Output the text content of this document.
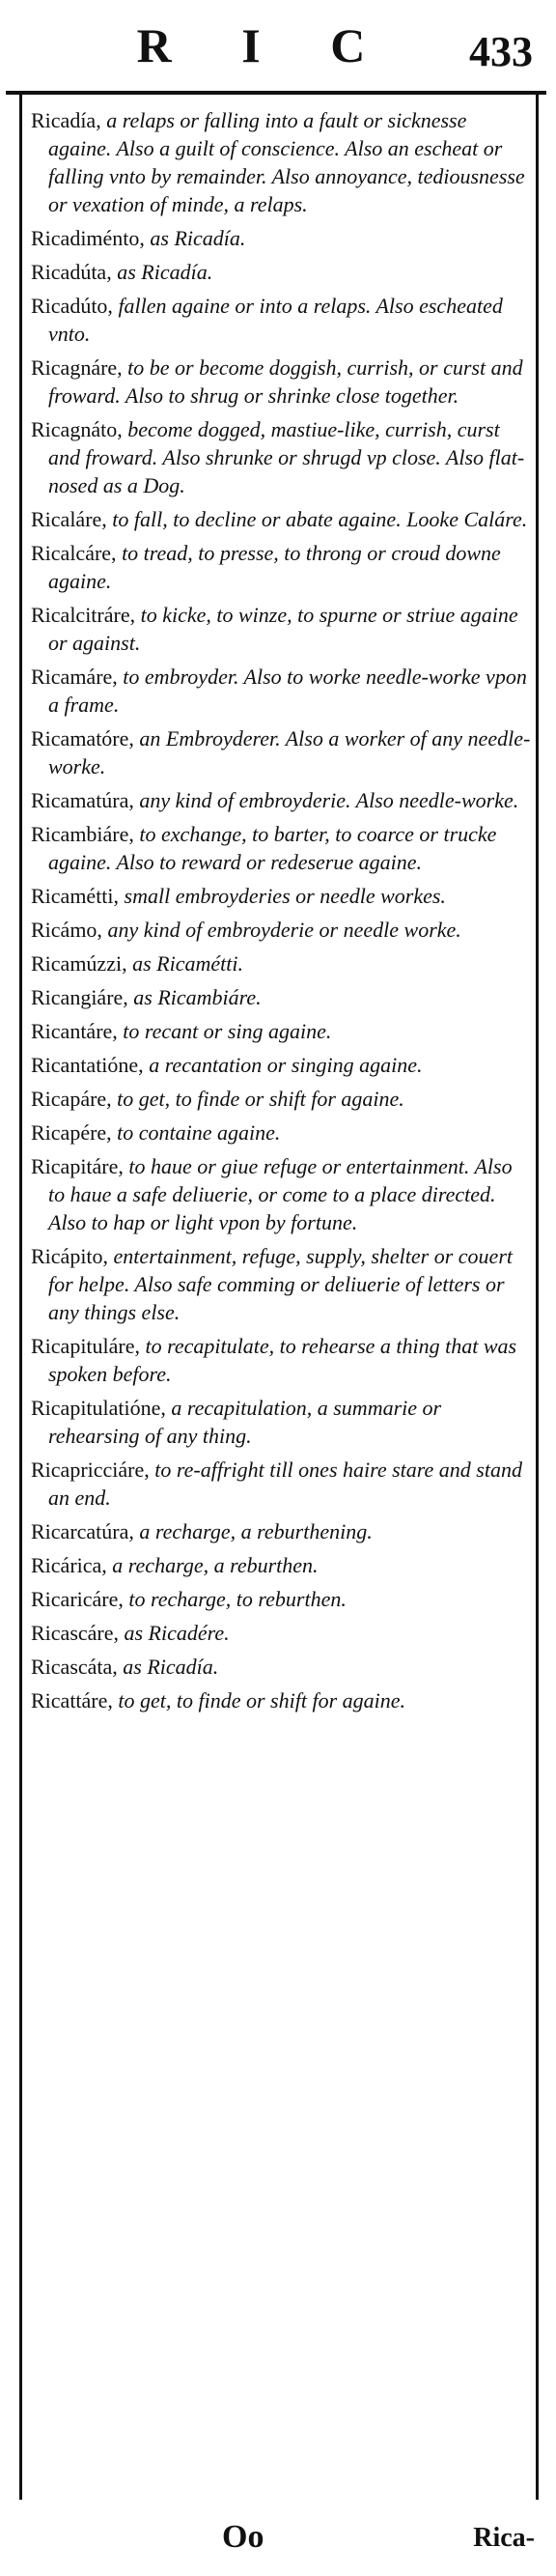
R I C	433

Ricadía, a relaps or falling into a fault or sicknesse againe. Also a guilt of conscience. Also an escheat or falling vnto by remainder. Also annoyance, tediousnesse or vexation of minde, a relaps.

Ricadiménto, as Ricadía.

Ricadúta, as Ricadía.

Ricadúto, fallen againe or into a relaps. Also escheated vnto.

Ricagnáre, to be or become doggish, currish, or curst and froward. Also to shrug or shrinke close together.

Ricagnáto, become dogged, mastiue-like, currish, curst and froward. Also shrunke or shrugd vp close. Also flat-nosed as a Dog.

Ricaláre, to fall, to decline or abate againe. Looke Caláre.

Ricalcáre, to tread, to presse, to throng or croud downe againe.

Ricalcitráre, to kicke, to winze, to spurne or striue againe or against.

Ricamáre, to embroyder. Also to worke needle-worke vpon a frame.

Ricamatóre, an Embroyderer. Also a worker of any needle-worke.

Ricamatúra, any kind of embroyderie. Also needle-worke.

Ricambiáre, to exchange, to barter, to coarce or trucke againe. Also to reward or redeserue againe.

Ricamétti, small embroyderies or needle workes.

Ricámo, any kind of embroyderie or needle worke.

Ricamúzzi, as Ricamétti.

Ricangiáre, as Ricambiáre.

Ricantáre, to recant or sing againe.

Ricantatióne, a recantation or singing againe.

Ricapáre, to get, to finde or shift for againe.

Ricapére, to containe againe.

Ricapitáre, to haue or giue refuge or entertainment. Also to haue a safe deliuerie, or come to a place directed. Also to hap or light vpon by fortune.

Ricápito, entertainment, refuge, supply, shelter or couert for helpe. Also safe comming or deliuerie of letters or any things else.

Ricapituláre, to recapitulate, to rehearse a thing that was spoken before.

Ricapitulatióne, a recapitulation, a summarie or rehearsing of any thing.

Ricapricciáre, to re-affright till ones haire stare and stand an end.

Ricarcatúra, a recharge, a reburthening.

Ricárica, a recharge, a reburthen.

Ricaricáre, to recharge, to reburthen.

Ricascáre, as Ricadére.

Ricascáta, as Ricadía.

Ricattáre, to get, to finde or shift for againe.

Oo	Rica-
